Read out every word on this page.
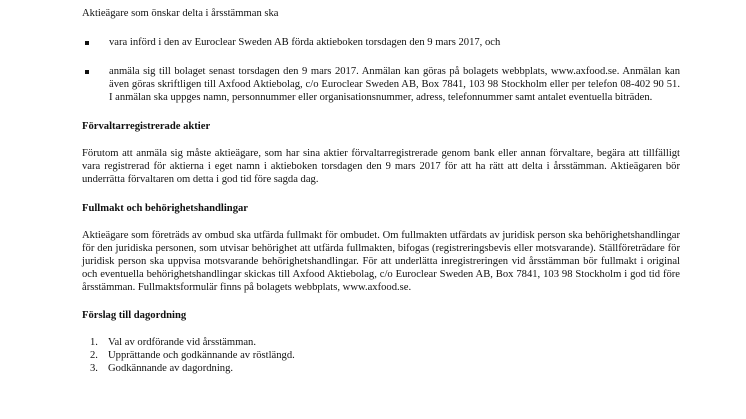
Aktieägare som önskar delta i årsstämman ska

vara införd i den av Euroclear Sweden AB förda aktieboken torsdagen den 9 mars 2017, och
anmäla sig till bolaget senast torsdagen den 9 mars 2017. Anmälan kan göras på bolagets webbplats, www.axfood.se. Anmälan kan även göras skriftligen till Axfood Aktiebolag, c/o Euroclear Sweden AB, Box 7841, 103 98 Stockholm eller per telefon 08-402 90 51. I anmälan ska uppges namn, personnummer eller organisationsnummer, adress, telefonnummer samt antalet eventuella biträden.

Förvaltarregistrerade aktier

Förutom att anmäla sig måste aktieägare, som har sina aktier förvaltarregistrerade genom bank eller annan förvaltare, begära att tillfälligt vara registrerad för aktierna i eget namn i aktieboken torsdagen den 9 mars 2017 för att ha rätt att delta i årsstämman. Aktieägaren bör underrätta förvaltaren om detta i god tid före sagda dag.

Fullmakt och behörighetshandlingar

Aktieägare som företräds av ombud ska utfärda fullmakt för ombudet. Om fullmakten utfärdats av juridisk person ska behörighetshandlingar för den juridiska personen, som utvisar behörighet att utfärda fullmakten, bifogas (registreringsbevis eller motsvarande). Ställföreträdare för juridisk person ska uppvisa motsvarande behörighetshandlingar. För att underlätta inregistreringen vid årsstämman bör fullmakt i original och eventuella behörighetshandlingar skickas till Axfood Aktiebolag, c/o Euroclear Sweden AB, Box 7841, 103 98 Stockholm i god tid före årsstämman. Fullmaktsformulär finns på bolagets webbplats, www.axfood.se.

Förslag till dagordning

1. Val av ordförande vid årsstämman.
2. Upprättande och godkännande av röstlängd.
3. Godkännande av dagordning.
